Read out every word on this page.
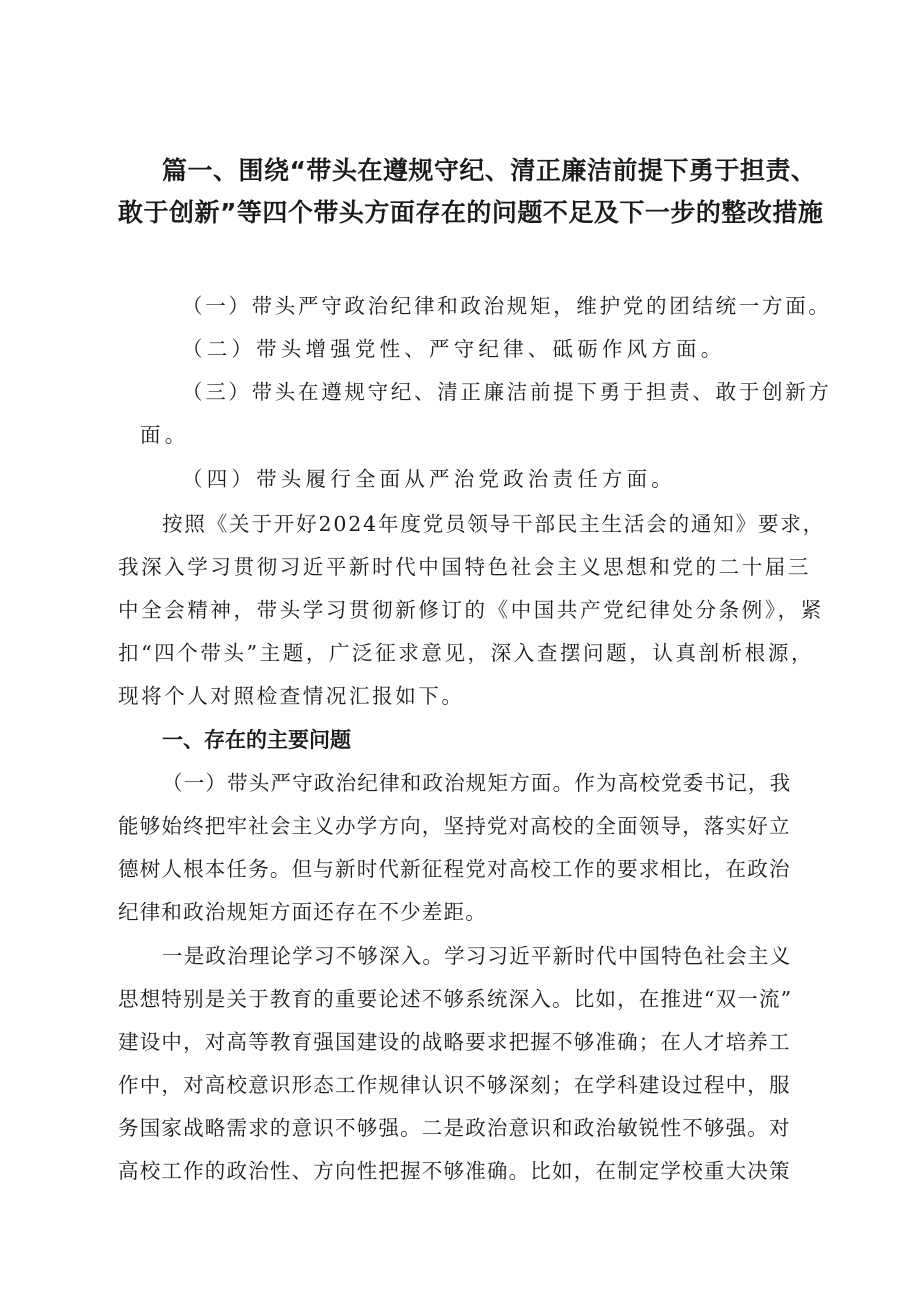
篇一、围绕“带头在遵规守纪、清正廉洁前提下勇于担责、敢于创新”等四个带头方面存在的问题不足及下一步的整改措施

（一）带头严守政治纪律和政治规矩，维护党的团结统一方面。

（二）带头增强党性、严守纪律、砥砺作风方面。

（三）带头在遵规守纪、清正廉洁前提下勇于担责、敢于创新方

面。

（四）带头履行全面从严治党政治责任方面。

按照《关于开好2024年度党员领导干部民主生活会的通知》要求，

我深入学习贯彻习近平新时代中国特色社会主义思想和党的二十届三

中全会精神，带头学习贯彻新修订的《中国共产党纪律处分条例》，紧

扣“四个带头”主题，广泛征求意见，深入查摆问题，认真剖析根源，

现将个人对照检查情况汇报如下。

一、存在的主要问题

（一）带头严守政治纪律和政治规矩方面。作为高校党委书记，我

能够始终把牢社会主义办学方向，坚持党对高校的全面领导，落实好立

德树人根本任务。但与新时代新征程党对高校工作的要求相比，在政治

纪律和政治规矩方面还存在不少差距。

一是政治理论学习不够深入。学习习近平新时代中国特色社会主义

思想特别是关于教育的重要论述不够系统深入。比如，在推进“双一流”

建设中，对高等教育强国建设的战略要求把握不够准确；在人才培养工

作中，对高校意识形态工作规律认识不够深刻；在学科建设过程中，服

务国家战略需求的意识不够强。二是政治意识和政治敏锐性不够强。对

高校工作的政治性、方向性把握不够准确。比如，在制定学校重大决策
